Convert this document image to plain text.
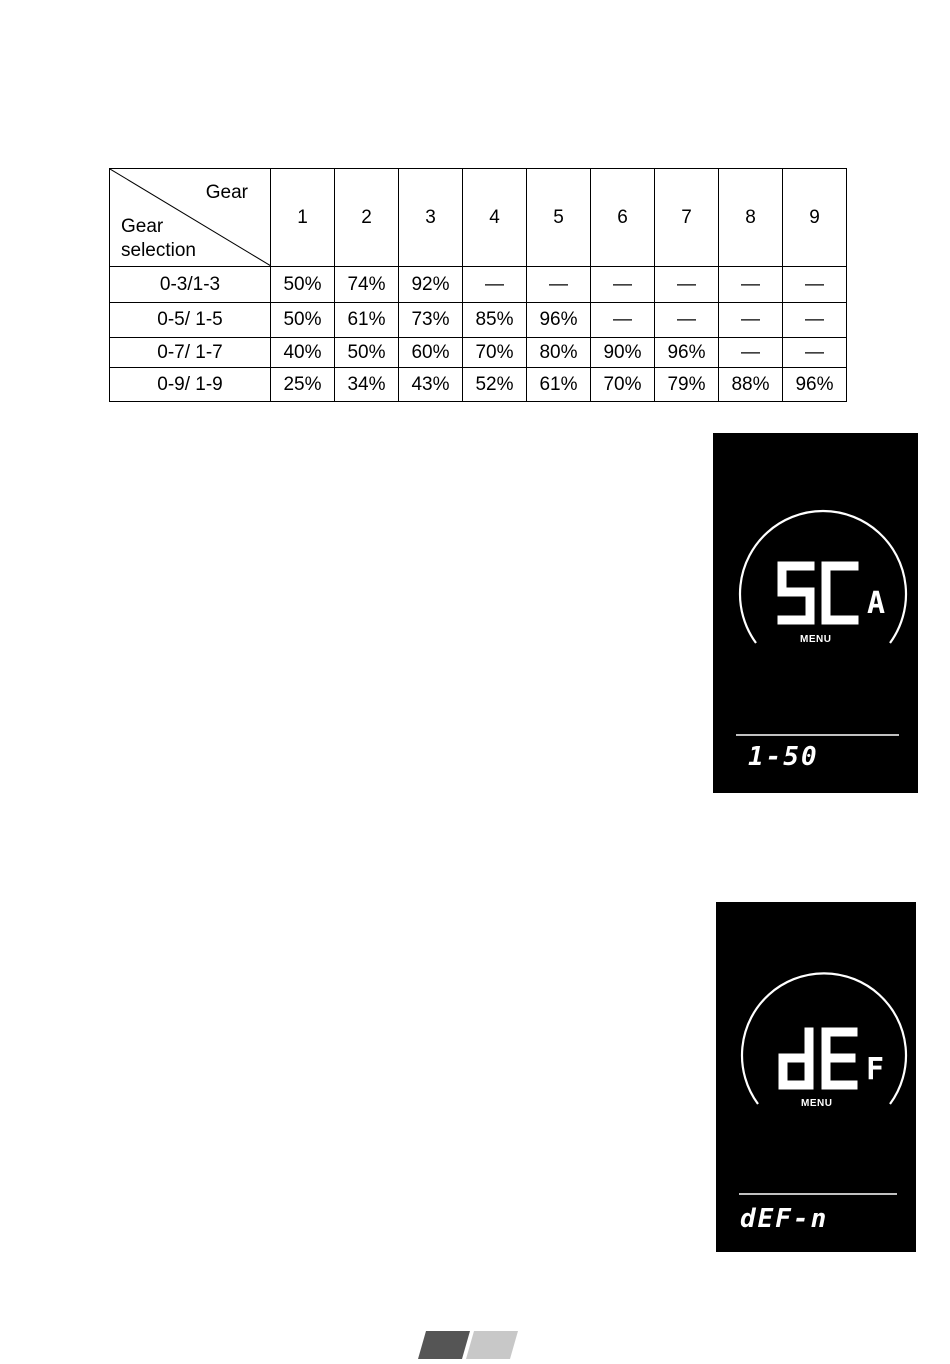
Gear
Gear
selection	1	2	3	4	5	6	7	8	9
0-3/1-3	50%	74%	92%	—	—	—	—	—	—
0-5/ 1-5	50%	61%	73%	85%	96%	—	—	—	—
0-7/ 1-7	40%	50%	60%	70%	80%	90%	96%	—	—
0-9/ 1-9	25%	34%	43%	52%	61%	70%	79%	88%	96%
A
MENU
1-50
F
MENU
dEF-n
